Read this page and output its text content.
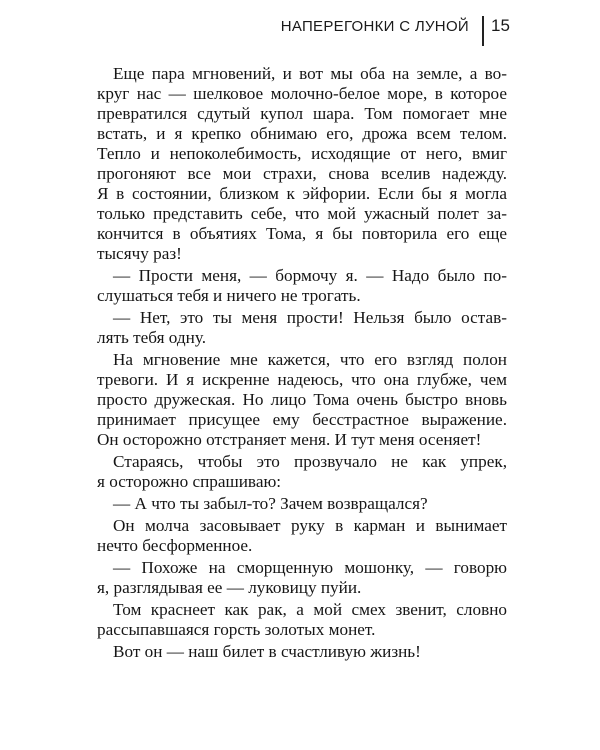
НАПЕРЕГОНКИ С ЛУНОЙ 15
Еще пара мгновений, и вот мы оба на земле, а во-
круг нас — шелковое молочно-белое море, в которое
превратился сдутый купол шара. Том помогает мне
встать, и я крепко обнимаю его, дрожа всем телом.
Тепло и непоколебимость, исходящие от него, вмиг
прогоняют все мои страхи, снова вселив надежду.
Я в состоянии, близком к эйфории. Если бы я могла
только представить себе, что мой ужасный полет за-
кончится в объятиях Тома, я бы повторила его еще
тысячу раз!
— Прости меня, — бормочу я. — Надо было по-
слушаться тебя и ничего не трогать.
— Нет, это ты меня прости! Нельзя было остав-
лять тебя одну.
На мгновение мне кажется, что его взгляд полон
тревоги. И я искренне надеюсь, что она глубже, чем
просто дружеская. Но лицо Тома очень быстро вновь
принимает присущее ему бесстрастное выражение.
Он осторожно отстраняет меня. И тут меня осеняет!
Стараясь, чтобы это прозвучало не как упрек,
я осторожно спрашиваю:
— А что ты забыл-то? Зачем возвращался?
Он молча засовывает руку в карман и вынимает
нечто бесформенное.
— Похоже на сморщенную мошонку, — говорю
я, разглядывая ее — луковицу пуйи.
Том краснеет как рак, а мой смех звенит, словно
рассыпавшаяся горсть золотых монет.
Вот он — наш билет в счастливую жизнь!
